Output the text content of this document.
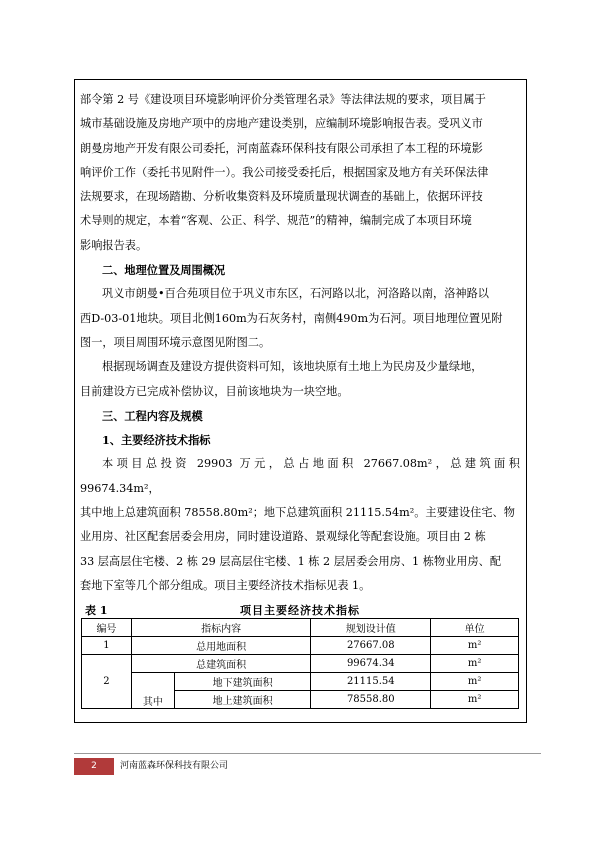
部令第 2 号《建设项目环境影响评价分类管理名录》等法律法规的要求，项目属于

城市基础设施及房地产项中的房地产建设类别，应编制环境影响报告表。受巩义市

朗曼房地产开发有限公司委托，河南蓝森环保科技有限公司承担了本工程的环境影

响评价工作（委托书见附件一）。我公司接受委托后，根据国家及地方有关环保法律

法规要求，在现场踏勘、分析收集资料及环境质量现状调查的基础上，依据环评技

术导则的规定，本着“客观、公正、科学、规范”的精神，编制完成了本项目环境

影响报告表。

二、地理位置及周围概况

巩义市朗曼•百合苑项目位于巩义市东区，石河路以北，河洛路以南，洛神路以

西D-03-01地块。项目北侧160m为石灰务村，南侧490m为石河。项目地理位置见附

图一，项目周围环境示意图见附图二。

根据现场调查及建设方提供资料可知，该地块原有土地上为民房及少量绿地，

目前建设方已完成补偿协议，目前该地块为一块空地。

三、工程内容及规模

1、主要经济技术指标

本项目总投资 29903 万元，总占地面积 27667.08m²，总建筑面积 99674.34m²，

其中地上总建筑面积 78558.80m²；地下总建筑面积 21115.54m²。主要建设住宅、物

业用房、社区配套居委会用房，同时建设道路、景观绿化等配套设施。项目由 2 栋

33 层高层住宅楼、2 栋 29 层高层住宅楼、1 栋 2 层居委会用房、1 栋物业用房、配

套地下室等几个部分组成。项目主要经济技术指标见表 1。

表 1	项目主要经济技术指标
编号	指标内容		规划设计值	单位
1	总用地面积		27667.08	m²
2	总建筑面积		99674.34	m²
	其中	地下建筑面积	21115.54	m²
		地上建筑面积	78558.80	m²
2	河南蓝森环保科技有限公司
